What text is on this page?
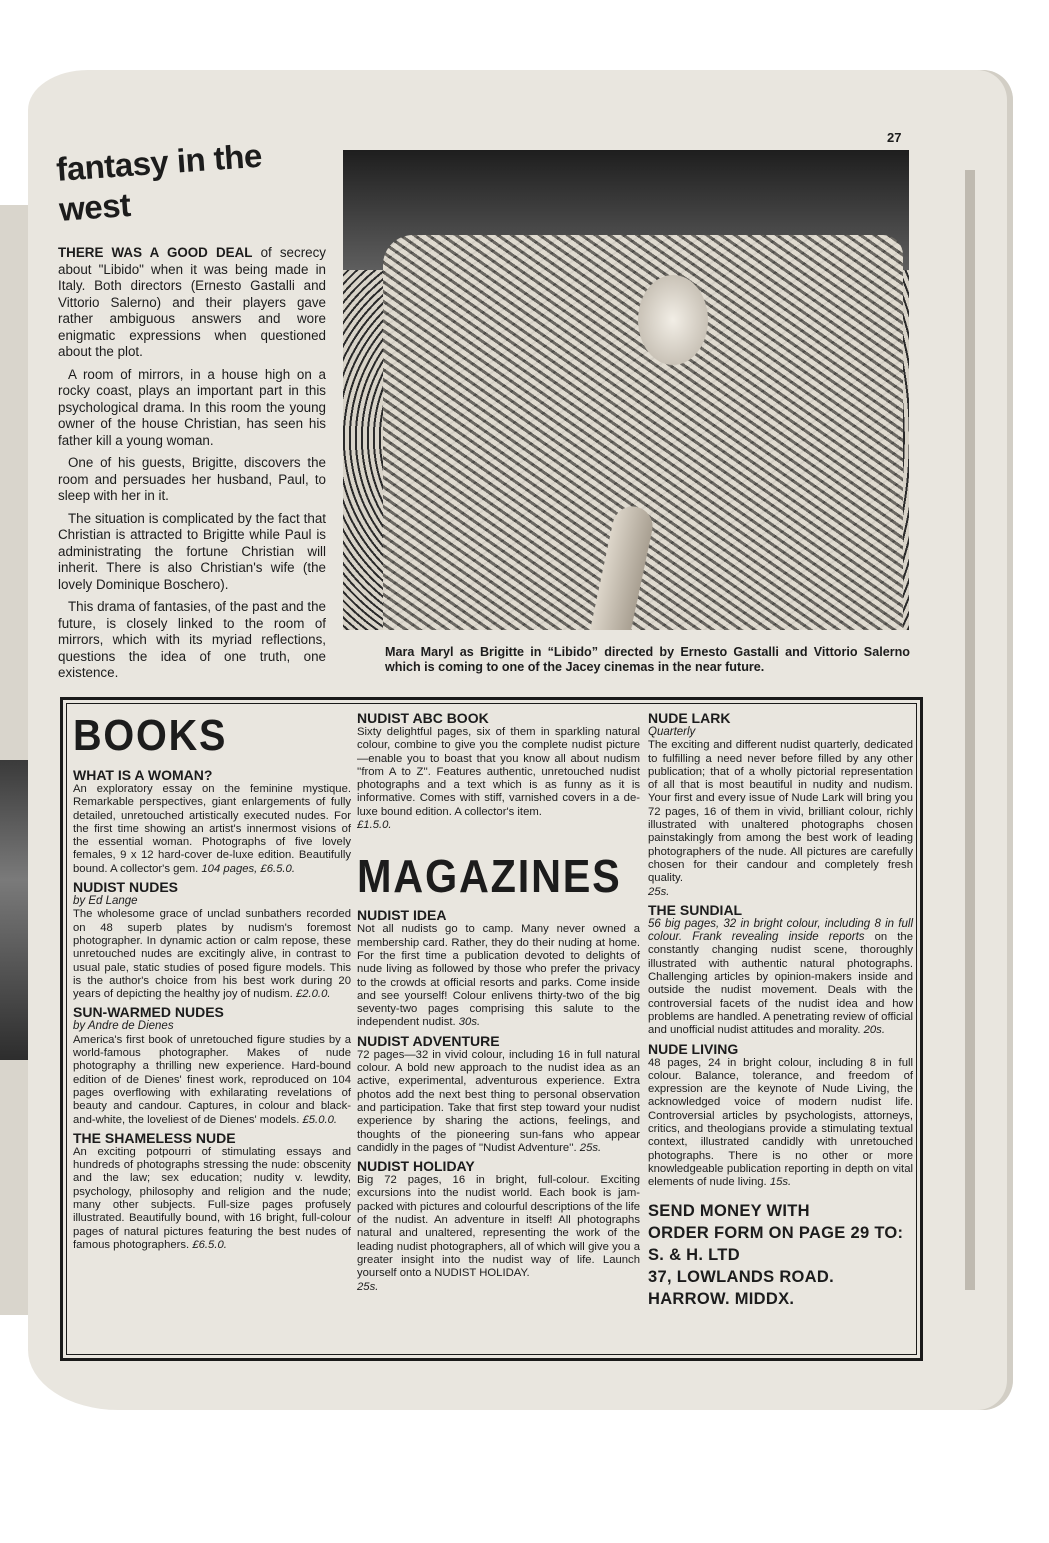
27
fantasy in the west

THERE WAS A GOOD DEAL of secrecy about "Libido" when it was being made in Italy. Both directors (Ernesto Gastalli and Vittorio Salerno) and their players gave rather ambiguous answers and wore enigmatic expressions when questioned about the plot.

A room of mirrors, in a house high on a rocky coast, plays an important part in this psychological drama. In this room the young owner of the house Christian, has seen his father kill a young woman.

One of his guests, Brigitte, discovers the room and persuades her husband, Paul, to sleep with her in it.

The situation is complicated by the fact that Christian is attracted to Brigitte while Paul is administrating the fortune Christian will inherit. There is also Christian's wife (the lovely Dominique Boschero).

This drama of fantasies, of the past and the future, is closely linked to the room of mirrors, which with its myriad reflections, questions the idea of one truth, one existence.

Mara Maryl as Brigitte in “Libido” directed by Ernesto Gastalli and Vittorio Salerno which is coming to one of the Jacey cinemas in the near future.
BOOKS
WHAT IS A WOMAN?
An exploratory essay on the feminine mystique. Remarkable perspectives, giant enlargements of fully detailed, unretouched artistically executed nudes. For the first time showing an artist's innermost visions of the essential woman. Photographs of five lovely females, 9 x 12 hard-cover de-luxe edition. Beautifully bound. A collector's gem. 104 pages, £6.5.0.
NUDIST NUDES
by Ed Lange
The wholesome grace of unclad sunbathers recorded on 48 superb plates by nudism's foremost photographer. In dynamic action or calm repose, these unretouched nudes are excitingly alive, in contrast to usual pale, static studies of posed figure models. This is the author's choice from his best work during 20 years of depicting the healthy joy of nudism. £2.0.0.
SUN-WARMED NUDES
by Andre de Dienes
America's first book of unretouched figure studies by a world-famous photographer. Makes of nude photography a thrilling new experience. Hard-bound edition of de Dienes' finest work, reproduced on 104 pages overflowing with exhilarating revelations of beauty and candour. Captures, in colour and black-and-white, the loveliest of de Dienes' models. £5.0.0.
THE SHAMELESS NUDE
An exciting potpourri of stimulating essays and hundreds of photographs stressing the nude: obscenity and the law; sex education; nudity v. lewdity, psychology, philosophy and religion and the nude; many other subjects. Full-size pages profusely illustrated. Beautifully bound, with 16 bright, full-colour pages of natural pictures featuring the best nudes of famous photographers. £6.5.0.
NUDIST ABC BOOK
Sixty delightful pages, six of them in sparkling natural colour, combine to give you the complete nudist picture—enable you to boast that you know all about nudism ''from A to Z''. Features authentic, unretouched nudist photographs and a text which is as funny as it is informative. Comes with stiff, varnished covers in a de-luxe bound edition. A collector's item.
£1.5.0.
MAGAZINES
NUDIST IDEA
Not all nudists go to camp. Many never owned a membership card. Rather, they do their nuding at home. For the first time a publication devoted to delights of nude living as followed by those who prefer the privacy to the crowds at official resorts and parks. Come inside and see yourself! Colour enlivens thirty-two of the big seventy-two pages comprising this salute to the independent nudist. 30s.
NUDIST ADVENTURE
72 pages—32 in vivid colour, including 16 in full natural colour. A bold new approach to the nudist idea as an active, experimental, adventurous experience. Extra photos add the next best thing to personal observation and participation. Take that first step toward your nudist experience by sharing the actions, feelings, and thoughts of the pioneering sun-fans who appear candidly in the pages of ''Nudist Adventure''. 25s.
NUDIST HOLIDAY
Big 72 pages, 16 in bright, full-colour. Exciting excursions into the nudist world. Each book is jam-packed with pictures and colourful descriptions of the life of the nudist. An adventure in itself! All photographs natural and unaltered, representing the work of the leading nudist photographers, all of which will give you a greater insight into the nudist way of life. Launch yourself onto a NUDIST HOLIDAY.
25s.
NUDE LARK
Quarterly
The exciting and different nudist quarterly, dedicated to fulfilling a need never before filled by any other publication; that of a wholly pictorial representation of all that is most beautiful in nudity and nudism. Your first and every issue of Nude Lark will bring you 72 pages, 16 of them in vivid, brilliant colour, richly illustrated with unaltered photographs chosen painstakingly from among the best work of leading photographers of the nude. All pictures are carefully chosen for their candour and completely fresh quality.
25s.
THE SUNDIAL
56 big pages, 32 in bright colour, including 8 in full colour. Frank revealing inside reports on the constantly changing nudist scene, thoroughly illustrated with authentic natural photographs. Challenging articles by opinion-makers inside and outside the nudist movement. Deals with the controversial facets of the nudist idea and how problems are handled. A penetrating review of official and unofficial nudist attitudes and morality. 20s.
NUDE LIVING
48 pages, 24 in bright colour, including 8 in full colour. Balance, tolerance, and freedom of expression are the keynote of Nude Living, the acknowledged voice of modern nudist life. Controversial articles by psychologists, attorneys, critics, and theologians provide a stimulating textual context, illustrated candidly with unretouched photographs. There is no other or more knowledgeable publication reporting in depth on vital elements of nude living. 15s.
SEND MONEY WITH
ORDER FORM ON PAGE 29 TO:
S. & H. LTD
37, LOWLANDS ROAD.
HARROW. MIDDX.
